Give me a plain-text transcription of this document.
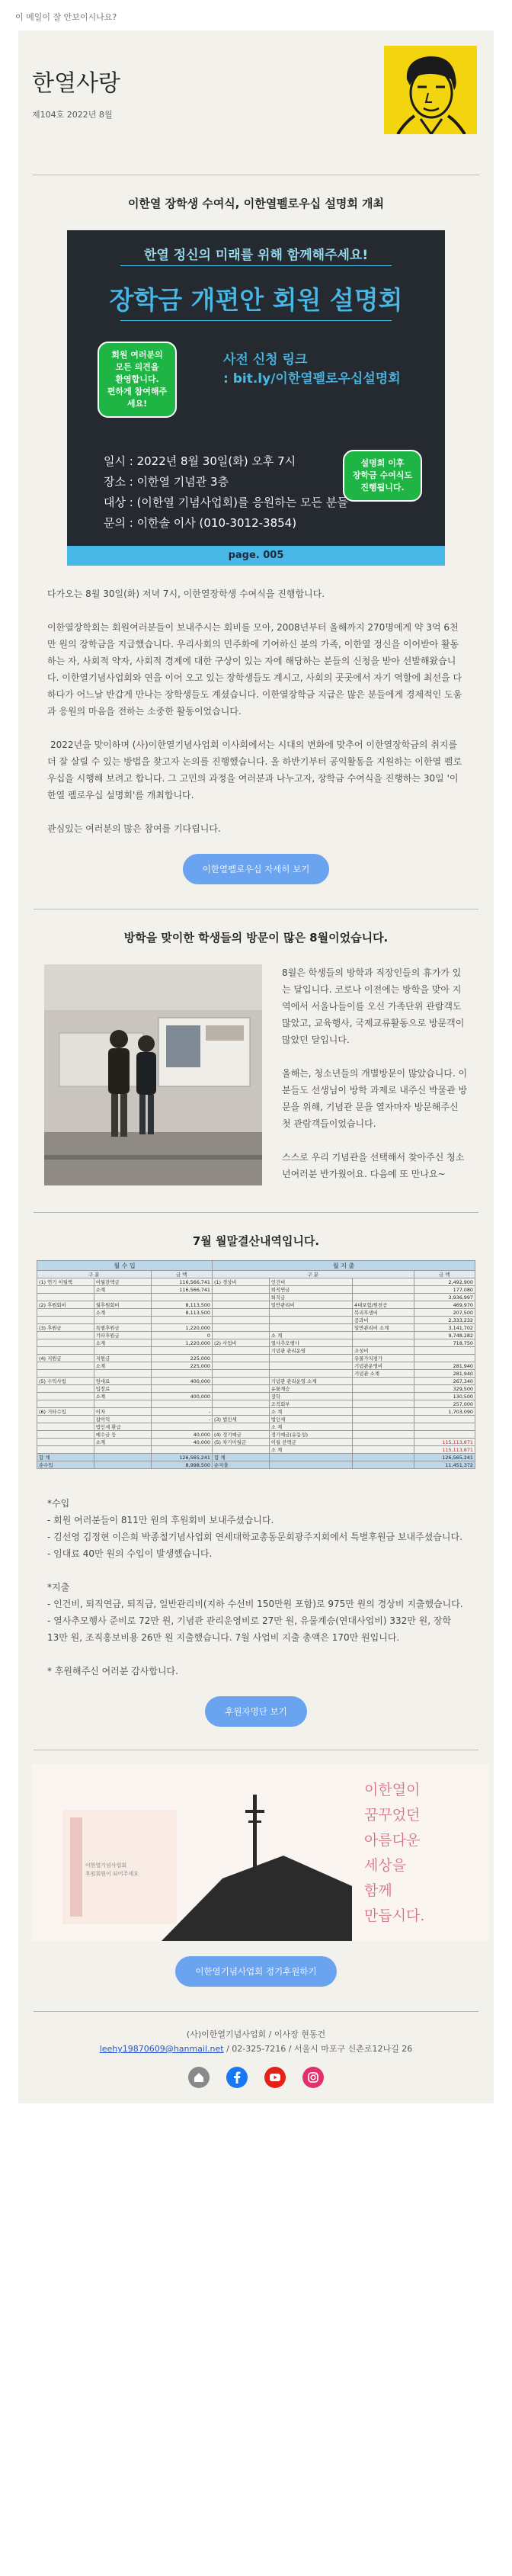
이 메일이 잘 안보이시나요?
한열사랑
제104호 2022년 8월
이한열 장학생 수여식, 이한열펠로우십 설명회 개최
한열 정신의 미래를 위해 함께해주세요!
장학금 개편안 회원 설명회
회원 여러분의
모든 의견을
환영합니다.
편하게 참여해주세요!
사전 신청 링크
: bit.ly/이한열펠로우십설명회
설명회 이후
장학금 수여식도
진행됩니다.
일시 : 2022년 8월 30일(화) 오후 7시
장소 : 이한열 기념관 3층
대상 : (이한열 기념사업회)를 응원하는 모든 분들
문의 : 이한솔 이사 (010-3012-3854)
page. 005

다가오는 8월 30일(화) 저녁 7시, 이한열장학생 수여식을 진행합니다.

이한열장학회는 회원여러분들이 보내주시는 회비를 모아, 2008년부터 올해까지 270명에게 약 3억 6천만 원의 장학금을 지급했습니다. 우리사회의 민주화에 기여하신 분의 가족, 이한열 정신을 이어받아 활동하는 자, 사회적 약자, 사회적 경제에 대한 구상이 있는 자에 해당하는 분들의 신청을 받아 선발해왔습니다. 이한열기념사업회와 연을 이어 오고 있는 장학생들도 계시고, 사회의 곳곳에서 자기 역할에 최선을 다하다가 어느날 반갑게 만나는 장학생들도 계셨습니다. 이한열장학금 지급은 많은 분들에게 경제적인 도움과 응원의 마음을 전하는 소중한 활동이었습니다.

2022년을 맞이하며 (사)이한열기념사업회 이사회에서는 시대의 변화에 맞추어 이한열장학금의 취지를 더 잘 살릴 수 있는 방법을 찾고자 논의를 진행했습니다. 올 하반기부터 공익활동을 지원하는 이한열 펠로우십을 시행해 보려고 합니다. 그 고민의 과정을 여러분과 나누고자, 장학금 수여식을 진행하는 30일 '이한열 펠로우십 설명회'를 개최합니다.

관심있는 여러분의 많은 참여를 기다립니다.

이한열펠로우십 자세히 보기
방학을 맞이한 학생들의 방문이 많은 8월이었습니다.

8월은 학생들의 방학과 직장인들의 휴가가 있는 달입니다. 코로나 이전에는 방학을 맞아 지역에서 서울나들이를 오신 가족단위 관람객도 많았고, 교육행사, 국제교류활동으로 방문객이 많았던 달입니다.

올해는, 청소년들의 개별방문이 많았습니다. 이분들도 선생님이 방학 과제로 내주신 박물관 방문을 위해, 기념관 문을 열자마자 방문해주신 첫 관람객들이었습니다.

스스로 우리 기념관을 선택해서 찾아주신 청소년여러분 반가웠어요. 다음에 또 만나요~

7월 월말결산내역입니다.
월 수 입			월 지 출			
구 분		금 액	구 분			금 액
(1) 연기 이월액	이월잔액금	116,566,741	(1) 경상비	인건비		2,492,900
	소계	116,566,741		퇴직연금		177,080
				퇴직금		3,936,997
(2) 후원회비	월후원회비	8,113,500		일반관리비	4대보험/원천공	469,970
	소계	8,113,500			복리후생비	207,500
					공과비	2,333,232
(3) 후원금	특별후원금	1,220,000			일반관리비 소계	3,141,702
	기타후원금	0		소 계		9,748,282
	소계	1,220,000	(2) 사업비	열사추모행사		718,750
				기념관 관리운영	조성비	
(4) 지원금	지원금	225,000			유물가치평가	
	소계	225,000			기념관운영비	281,940
					기념관 소계	281,940
(5) 수익사업	임대료	400,000		기념관 관리운영 소계		267,340
	입장료			유물계승		329,500
	소계	400,000		장학		130,500
				조직회부		257,000
(6) 기타수입	이자	-		소 계		1,703,090
	잡이익	-	(3) 법인세	법인세		
	법인세 환급			소 계		
	예수금 등	40,000	(4) 정기예금	정기예금(유동성)		
	소계	40,000	(5) 차기이월금	이월 잔액금		115,113,871
				소 계		115,113,871
합 계		126,565,241	합 계			126,565,241
순수입		8,998,500	순지출			11,451,372
*수입
- 회원 여러분들이 811만 원의 후원회비 보내주셨습니다.
- 김선영 김정현 이은희 박종철기념사업회 연세대학교총동문회광주지회에서 특별후원금 보내주셨습니다.
- 임대료 40만 원의 수입이 발생했습니다.
*지출
- 인건비, 퇴직연금, 퇴직금, 일반관리비(지하 수선비 150만원 포함)로 975만 원의 경상비 지출했습니다.
- 열사추모행사 준비로 72만 원, 기념관 관리운영비로 27만 원, 유물계승(연대사업비) 332만 원, 장학 13만 원, 조직홍보비용 26만 원 지출했습니다. 7월 사업비 지출 총액은 170만 원입니다.
* 후원해주신 여러분 감사합니다.
후원자명단 보기
이한열기념사업회
후원회원이 되어주세요
이한열이
꿈꾸었던
아름다운
세상을
함께
만듭시다.
이한열기념사업회 정기후원하기
(사)이한열기념사업회 / 이사장 현동건
leehy19870609@hanmail.net / 02-325-7216 / 서울시 마포구 신촌로12나길 26
